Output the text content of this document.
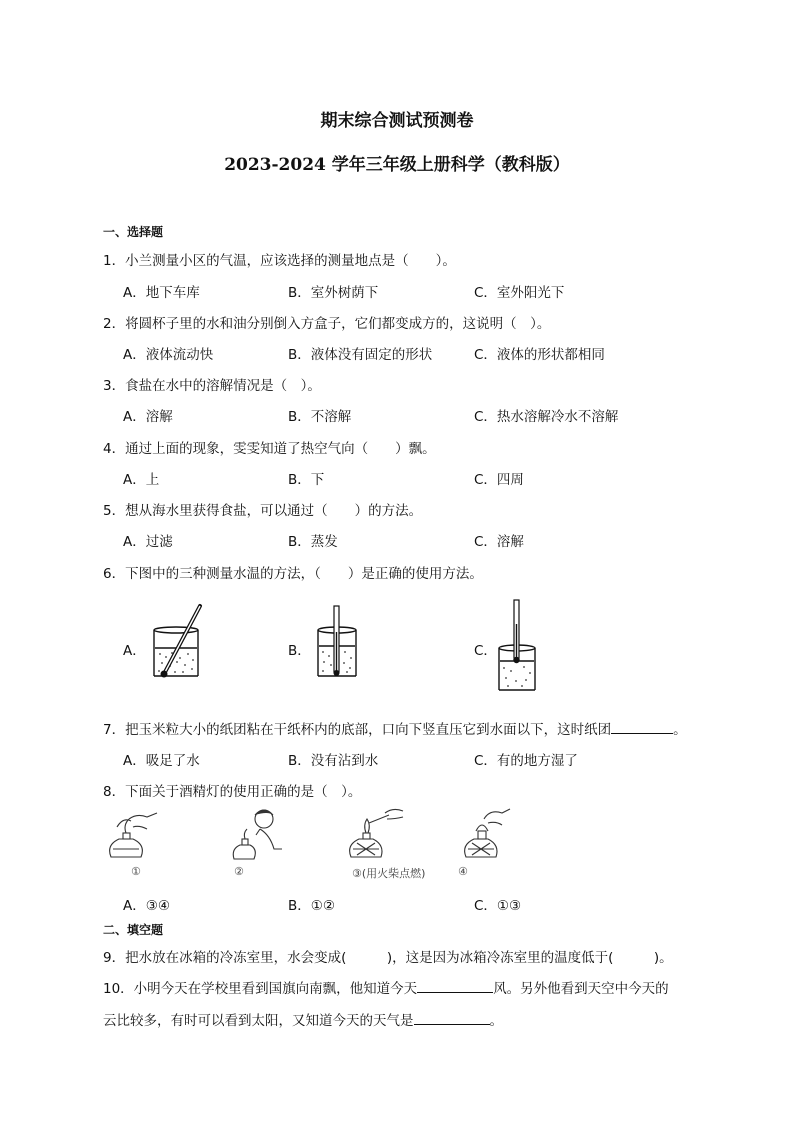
期末综合测试预测卷
2023-2024 学年三年级上册科学（教科版）
一、选择题
1．小兰测量小区的气温，应该选择的测量地点是（　　）。
A．地下车库	B．室外树荫下	C．室外阳光下
2．将圆杯子里的水和油分别倒入方盒子，它们都变成方的，这说明（　）。
A．液体流动快	B．液体没有固定的形状	C．液体的形状都相同
3．食盐在水中的溶解情况是（　）。
A．溶解	B．不溶解	C．热水溶解冷水不溶解
4．通过上面的现象，雯雯知道了热空气向（　　）飘。
A．上	B．下	C．四周
5．想从海水里获得食盐，可以通过（　　）的方法。
A．过滤	B．蒸发	C．溶解
6．下图中的三种测量水温的方法，（　　）是正确的使用方法。
A．	B．	C．
7．把玉米粒大小的纸团粘在干纸杯内的底部，口向下竖直压它到水面以下，这时纸团	。
A．吸足了水	B．没有沾到水	C．有的地方湿了
8．下面关于酒精灯的使用正确的是（　）。
①	②	③(用火柴点燃)	④
A．③④	B．①②	C．①③
二、填空题
9．把水放在冰箱的冷冻室里，水会变成(　　　)，这是因为冰箱冷冻室里的温度低于(　　　)。
10．小明今天在学校里看到国旗向南飘，他知道今天	风。另外他看到天空中今天的
云比较多，有时可以看到太阳，又知道今天的天气是	。
